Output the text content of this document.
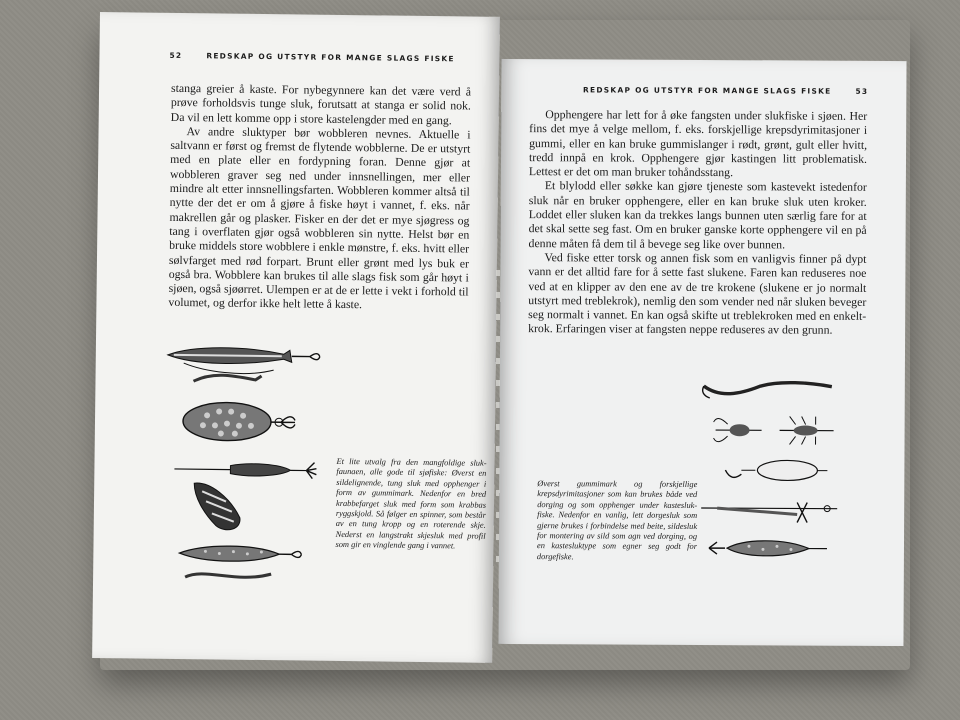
52	REDSKAP OG UTSTYR FOR MANGE SLAGS FISKE

stanga greier å kaste. For nybegynnere kan det være verd å prøve forholdsvis tunge sluk, forutsatt at stanga er solid nok. Da vil en lett komme opp i store kastelengder med en gang.

Av andre sluktyper bør wobbleren nevnes. Aktuelle i saltvann er først og fremst de flytende wobblerne. De er utstyrt med en plate eller en fordypning foran. Denne gjør at wobbleren graver seg ned under innsnellingen, mer eller mindre alt etter innsnellingsfarten. Wobbleren kommer altså til nytte der det er om å gjøre å fiske høyt i vannet, f. eks. når makrellen går og plasker. Fisker en der det er mye sjøgress og tang i overflaten gjør også wobbleren sin nytte. Helst bør en bruke middels store wobblere i enkle mønstre, f. eks. hvitt eller sølvfarget med rød forpart. Brunt eller grønt med lys buk er også bra. Wobblere kan brukes til alle slags fisk som går høyt i sjøen, også sjøørret. Ulempen er at de er lette i vekt i forhold til volumet, og derfor ikke helt lette å kaste.

Et lite utvalg fra den mangfoldige sluk-faunaen, alle gode til sjøfiske: Øverst en sildelignende, tung sluk med opphenger i form av gummimark. Nedenfor en bred krabbefarget sluk med form som krabbas ryggskjold. Så følger en spinner, som består av en tung kropp og en roterende skje. Nederst en langstrakt skjesluk med profil som gir en vinglende gang i vannet.
REDSKAP OG UTSTYR FOR MANGE SLAGS FISKE	53

Opphengere har lett for å øke fangsten under slukfiske i sjøen. Her fins det mye å velge mellom, f. eks. forskjellige krepsdyrimitasjoner i gummi, eller en kan bruke gummislanger i rødt, grønt, gult eller hvitt, tredd innpå en krok. Opphengere gjør kastingen litt problematisk. Lettest er det om man bruker tohåndsstang.

Et blylodd eller søkke kan gjøre tjeneste som kastevekt istedenfor sluk når en bruker opphengere, eller en kan bruke sluk uten kroker. Loddet eller sluken kan da trekkes langs bunnen uten særlig fare for at det skal sette seg fast. Om en bruker ganske korte opphengere vil en på denne måten få dem til å bevege seg like over bunnen.

Ved fiske etter torsk og annen fisk som en vanligvis finner på dypt vann er det alltid fare for å sette fast slukene. Faren kan reduseres noe ved at en klipper av den ene av de tre krokene (slukene er jo normalt utstyrt med treblekrok), nemlig den som vender ned når sluken beveger seg normalt i vannet. En kan også skifte ut treblekroken med en enkelt-krok. Erfaringen viser at fangsten neppe reduseres av den grunn.

Øverst gummimark og forskjellige krepsdyrimitasjoner som kan brukes både ved dorging og som opphenger under kastesluk-fiske. Nedenfor en vanlig, lett dorgesluk som gjerne brukes i forbindelse med beite, sildesluk for montering av sild som agn ved dorging, og en kastesluktype som egner seg godt for dorgefiske.
